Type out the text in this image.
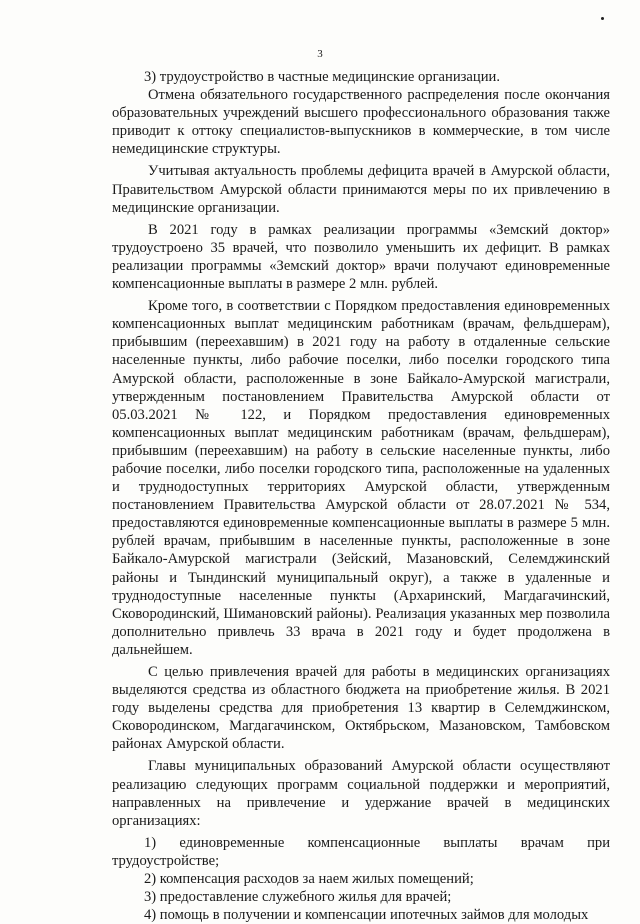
3

3) трудоустройство в частные медицинские организации.

Отмена обязательного государственного распределения после окончания образовательных учреждений высшего профессионального образования также приводит к оттоку специалистов-выпускников в коммерческие, в том числе немедицинские структуры.

Учитывая актуальность проблемы дефицита врачей в Амурской области, Правительством Амурской области принимаются меры по их привлечению в медицинские организации.

В 2021 году в рамках реализации программы «Земский доктор» трудоустроено 35 врачей, что позволило уменьшить их дефицит. В рамках реализации программы «Земский доктор» врачи получают единовременные компенсационные выплаты в размере 2 млн. рублей.

Кроме того, в соответствии с Порядком предоставления единовременных компенсационных выплат медицинским работникам (врачам, фельдшерам), прибывшим (переехавшим) в 2021 году на работу в отдаленные сельские населенные пункты, либо рабочие поселки, либо поселки городского типа Амурской области, расположенные в зоне Байкало-Амурской магистрали, утвержденным постановлением Правительства Амурской области от 05.03.2021 № 122, и Порядком предоставления единовременных компенсационных выплат медицинским работникам (врачам, фельдшерам), прибывшим (переехавшим) на работу в сельские населенные пункты, либо рабочие поселки, либо поселки городского типа, расположенные на удаленных и труднодоступных территориях Амурской области, утвержденным постановлением Правительства Амурской области от 28.07.2021 № 534, предоставляются единовременные компенсационные выплаты в размере 5 млн. рублей врачам, прибывшим в населенные пункты, расположенные в зоне Байкало-Амурской магистрали (Зейский, Мазановский, Селемджинский районы и Тындинский муниципальный округ), а также в удаленные и труднодоступные населенные пункты (Архаринский, Магдагачинский, Сковородинский, Шимановский районы). Реализация указанных мер позволила дополнительно привлечь 33 врача в 2021 году и будет продолжена в дальнейшем.

С целью привлечения врачей для работы в медицинских организациях выделяются средства из областного бюджета на приобретение жилья. В 2021 году выделены средства для приобретения 13 квартир в Селемджинском, Сковородинском, Магдагачинском, Октябрьском, Мазановском, Тамбовском районах Амурской области.

Главы муниципальных образований Амурской области осуществляют реализацию следующих программ социальной поддержки и мероприятий, направленных на привлечение и удержание врачей в медицинских организациях:

1) единовременные компенсационные выплаты врачам при трудоустройстве;

2) компенсация расходов за наем жилых помещений;

3) предоставление служебного жилья для врачей;

4) помощь в получении и компенсации ипотечных займов для молодых
